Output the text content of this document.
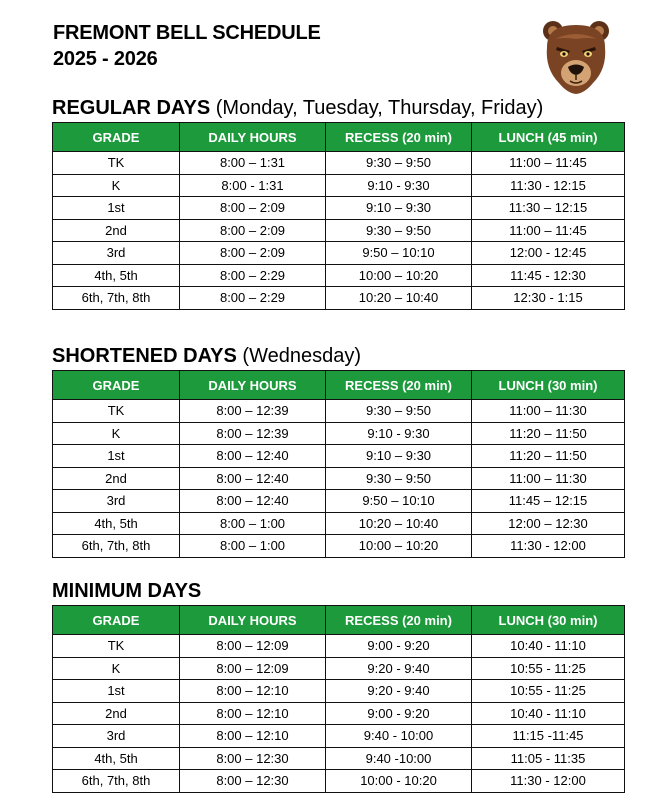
FREMONT BELL SCHEDULE
2025 - 2026
REGULAR DAYS (Monday, Tuesday, Thursday, Friday)
GRADE	DAILY HOURS	RECESS (20 min)	LUNCH (45 min)
TK	8:00 – 1:31	9:30 – 9:50	11:00 – 11:45
K	8:00 - 1:31	9:10 - 9:30	11:30 - 12:15
1st	8:00 – 2:09	9:10 – 9:30	11:30 – 12:15
2nd	8:00 – 2:09	9:30 – 9:50	11:00 – 11:45
3rd	8:00 – 2:09	9:50 – 10:10	12:00 - 12:45
4th, 5th	8:00 – 2:29	10:00 – 10:20	11:45 - 12:30
6th, 7th, 8th	8:00 – 2:29	10:20 – 10:40	12:30 - 1:15
SHORTENED DAYS (Wednesday)
GRADE	DAILY HOURS	RECESS (20 min)	LUNCH (30 min)
TK	8:00 – 12:39	9:30 – 9:50	11:00 – 11:30
K	8:00 – 12:39	9:10 - 9:30	11:20 – 11:50
1st	8:00 – 12:40	9:10 – 9:30	11:20 – 11:50
2nd	8:00 – 12:40	9:30 – 9:50	11:00 – 11:30
3rd	8:00 – 12:40	9:50 – 10:10	11:45 – 12:15
4th, 5th	8:00 – 1:00	10:20 – 10:40	12:00 – 12:30
6th, 7th, 8th	8:00 – 1:00	10:00 – 10:20	11:30 - 12:00
MINIMUM DAYS
GRADE	DAILY HOURS	RECESS (20 min)	LUNCH (30 min)
TK	8:00 – 12:09	9:00 - 9:20	10:40 - 11:10
K	8:00 – 12:09	9:20 - 9:40	10:55 - 11:25
1st	8:00 – 12:10	9:20 - 9:40	10:55 - 11:25
2nd	8:00 – 12:10	9:00 - 9:20	10:40 - 11:10
3rd	8:00 – 12:10	9:40 - 10:00	11:15 -11:45
4th, 5th	8:00 – 12:30	9:40 -10:00	11:05 - 11:35
6th, 7th, 8th	8:00 – 12:30	10:00 - 10:20	11:30 - 12:00
